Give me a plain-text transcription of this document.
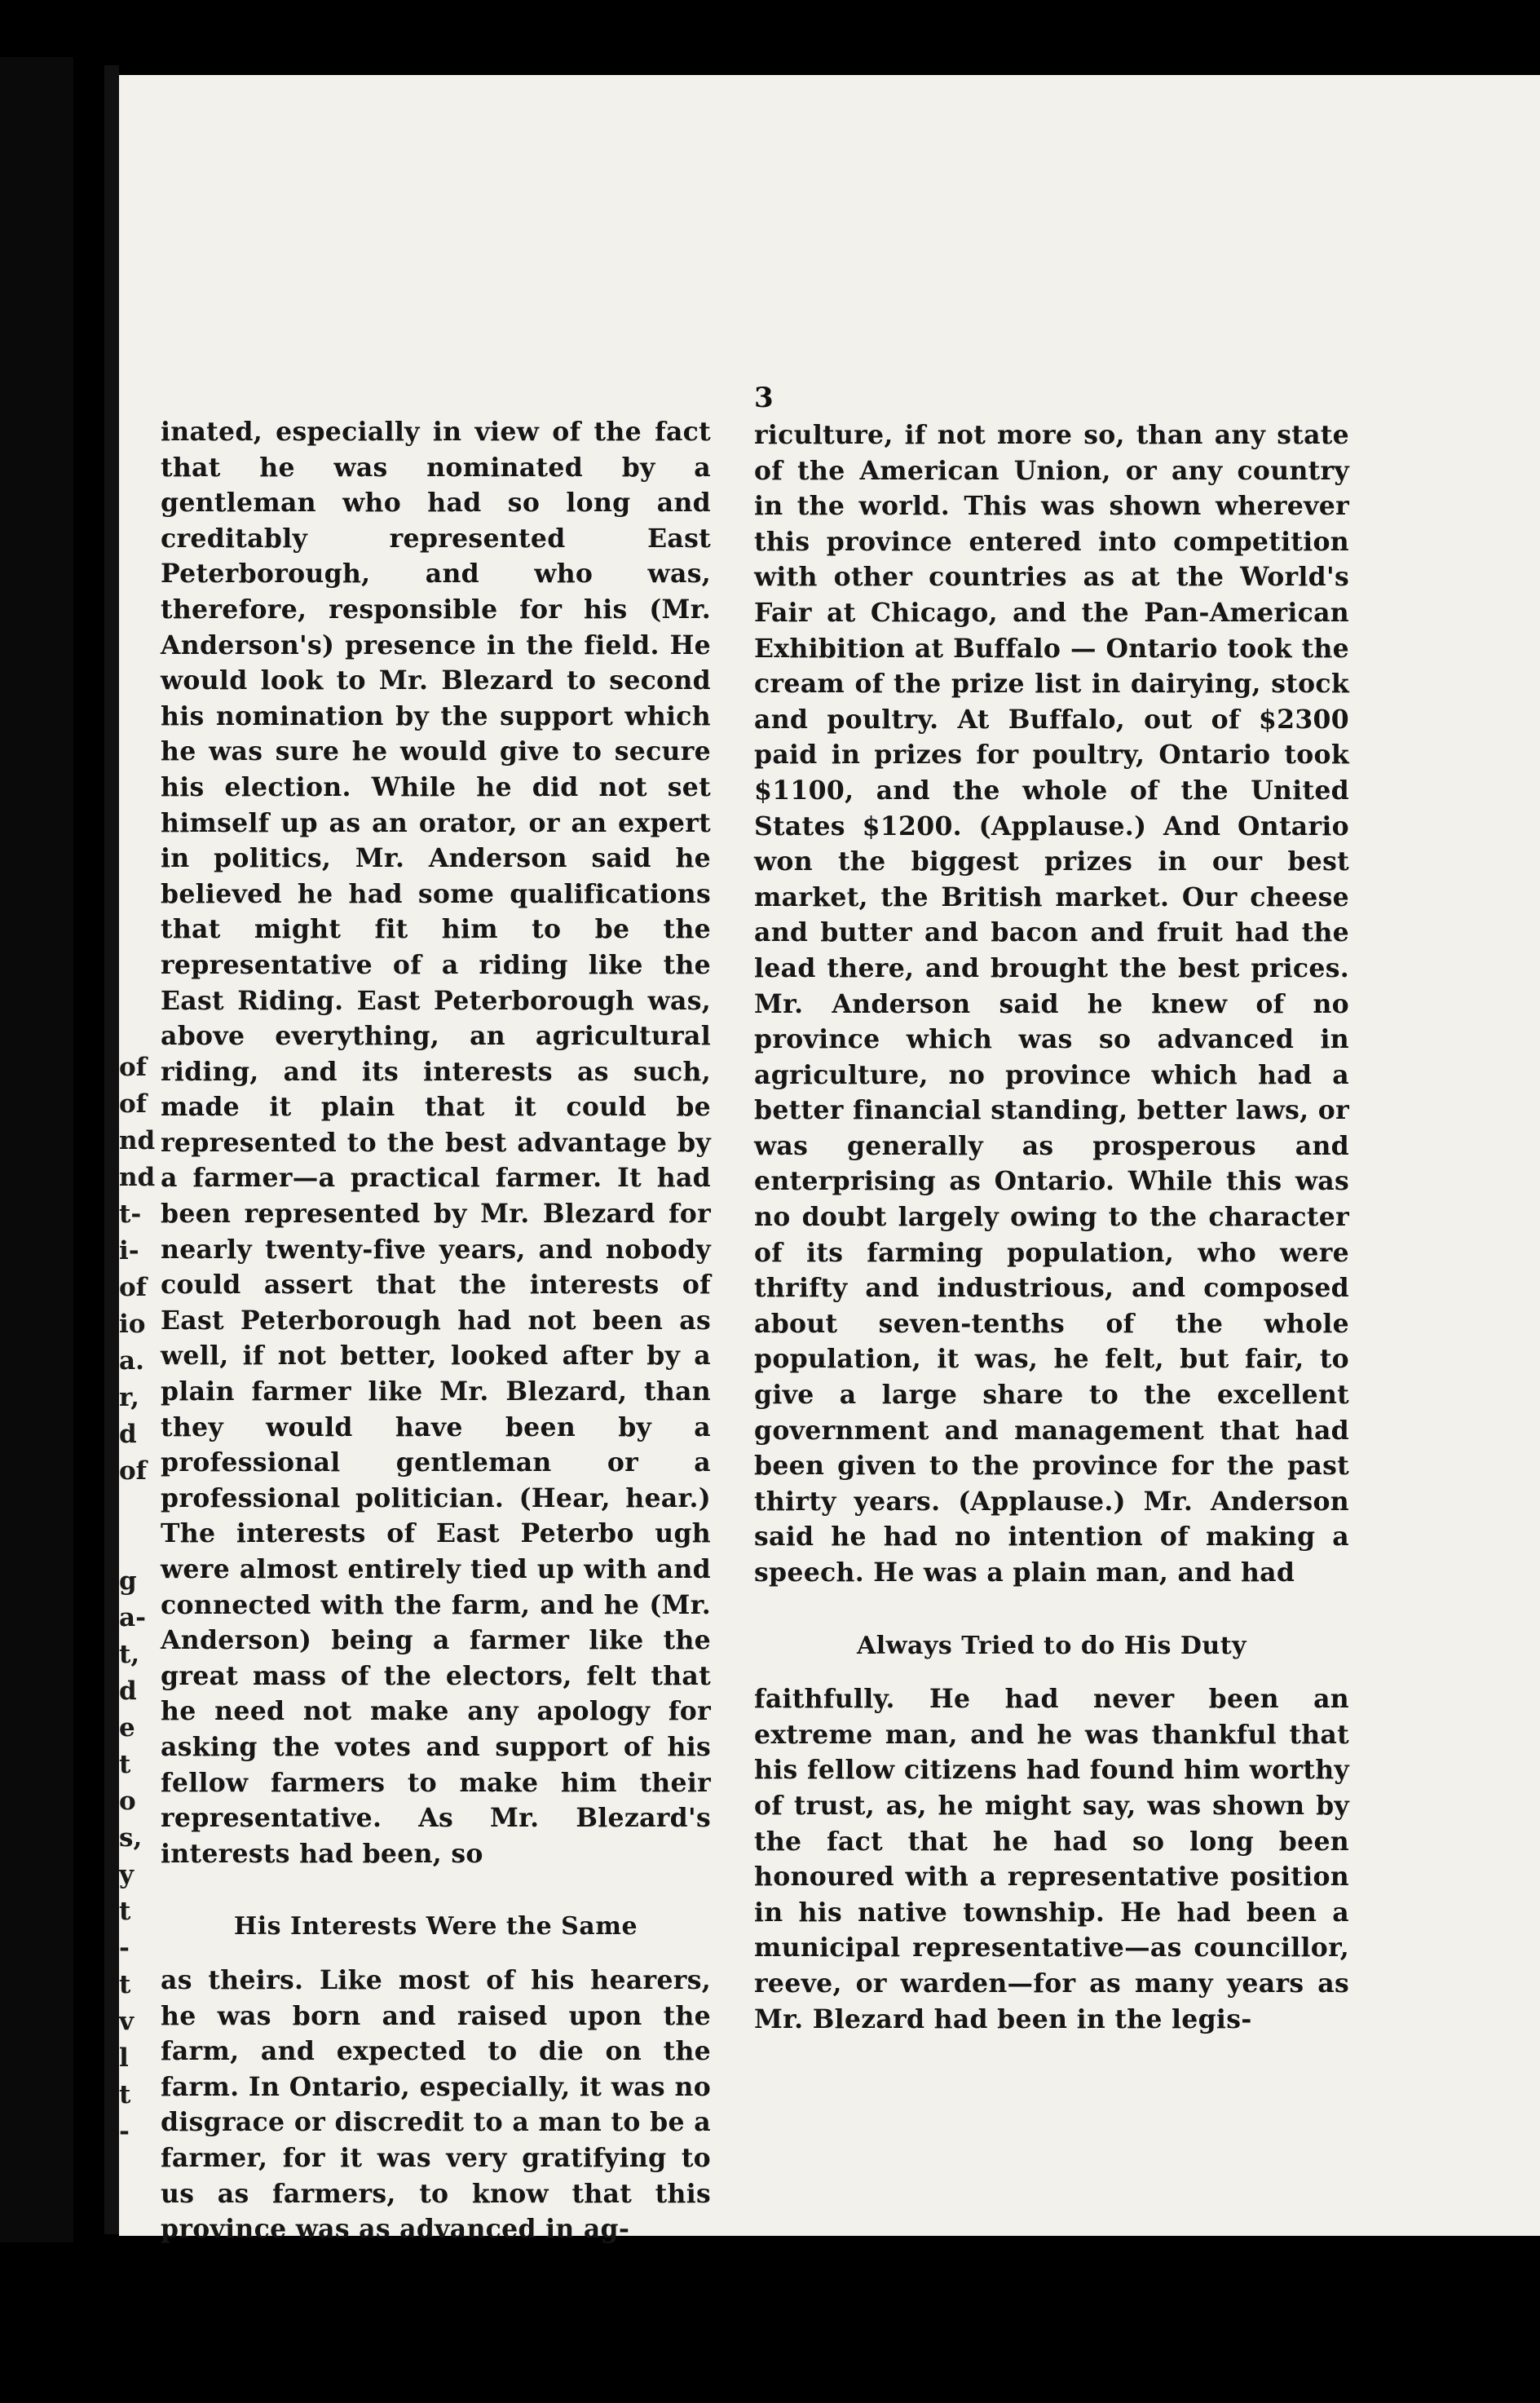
of
of
nd
nd
t-
i-
of
io
a.
r,
d
of
g
a-
t,
d
e
t
o
s,
y
t
-
t
v
l
t
-
3

inated, especially in view of the fact that he was nominated by a gentleman who had so long and creditably represented East Peterborough, and who was, therefore, responsible for his (Mr. Anderson's) presence in the field. He would look to Mr. Blezard to second his nomination by the support which he was sure he would give to secure his election. While he did not set himself up as an orator, or an expert in politics, Mr. Anderson said he believed he had some qualifications that might fit him to be the representative of a riding like the East Riding. East Peterborough was, above everything, an agricultural riding, and its interests as such, made it plain that it could be represented to the best advantage by a farmer—a practical farmer. It had been represented by Mr. Blezard for nearly twenty-five years, and nobody could assert that the interests of East Peterborough had not been as well, if not better, looked after by a plain farmer like Mr. Blezard, than they would have been by a professional gentleman or a professional politician. (Hear, hear.) The interests of East Peterbo ugh were almost entirely tied up with and connected with the farm, and he (Mr. Anderson) being a farmer like the great mass of the electors, felt that he need not make any apology for asking the votes and support of his fellow farmers to make him their representative. As Mr. Blezard's interests had been, so

His Interests Were the Same

as theirs. Like most of his hearers, he was born and raised upon the farm, and expected to die on the farm. In Ontario, especially, it was no disgrace or discredit to a man to be a farmer, for it was very gratifying to us as farmers, to know that this province was as advanced in ag-

riculture, if not more so, than any state of the American Union, or any country in the world. This was shown wherever this province entered into competition with other countries as at the World's Fair at Chicago, and the Pan-American Exhibition at Buffalo — Ontario took the cream of the prize list in dairying, stock and poultry. At Buffalo, out of $2300 paid in prizes for poultry, Ontario took $1100, and the whole of the United States $1200. (Applause.) And Ontario won the biggest prizes in our best market, the British market. Our cheese and butter and bacon and fruit had the lead there, and brought the best prices. Mr. Anderson said he knew of no province which was so advanced in agriculture, no province which had a better financial standing, better laws, or was generally as prosperous and enterprising as Ontario. While this was no doubt largely owing to the character of its farming population, who were thrifty and industrious, and composed about seven-tenths of the whole population, it was, he felt, but fair, to give a large share to the excellent government and management that had been given to the province for the past thirty years. (Applause.) Mr. Anderson said he had no intention of making a speech. He was a plain man, and had

Always Tried to do His Duty

faithfully. He had never been an extreme man, and he was thankful that his fellow citizens had found him worthy of trust, as, he might say, was shown by the fact that he had so long been honoured with a representative position in his native township. He had been a municipal representative—as councillor, reeve, or warden—for as many years as Mr. Blezard had been in the legis-
